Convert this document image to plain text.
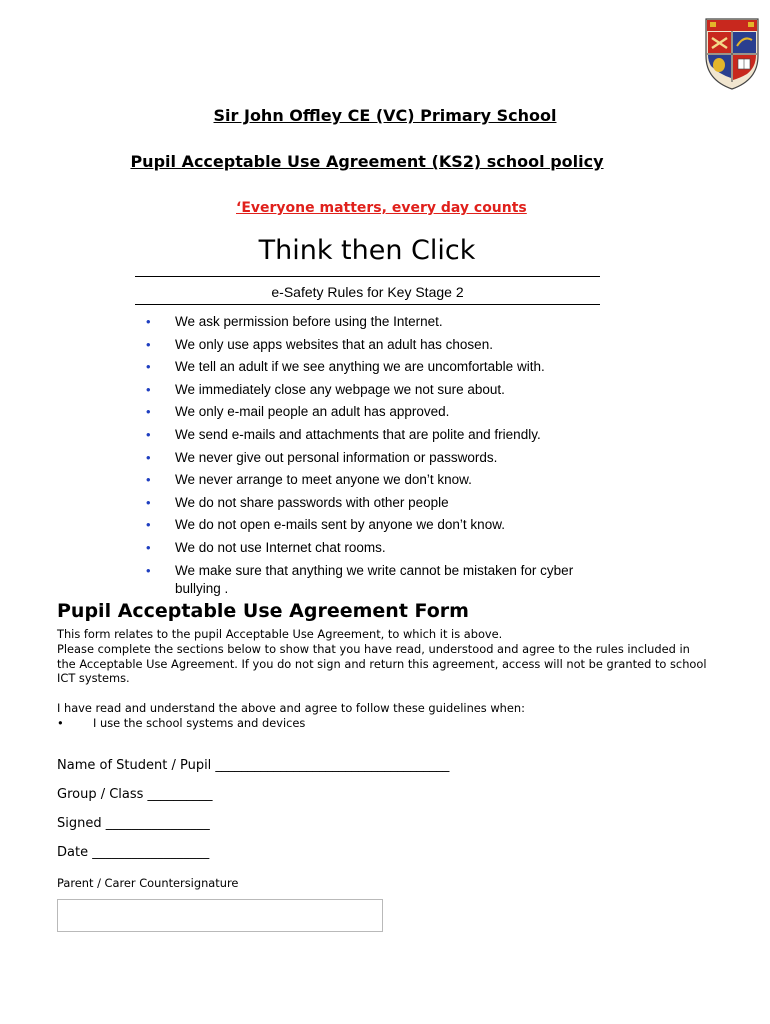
Sir John Offley CE (VC) Primary School
Pupil Acceptable Use Agreement (KS2) school policy
‘Everyone matters, every day counts
Think then Click
e-Safety Rules for Key Stage 2
• We ask permission before using the Internet.
• We only use apps websites that an adult has chosen.
• We tell an adult if we see anything we are uncomfortable with.
• We immediately close any webpage we not sure about.
• We only e-mail people an adult has approved.
• We send e-mails and attachments that are polite and friendly.
• We never give out personal information or passwords.
• We never arrange to meet anyone we don’t know.
• We do not share passwords with other people
• We do not open e-mails sent by anyone we don’t know.
• We do not use Internet chat rooms.
• We make sure that anything we write cannot be mistaken for cyber bullying .
Pupil Acceptable Use Agreement Form

This form relates to the pupil Acceptable Use Agreement, to which it is above.

Please complete the sections below to show that you have read, understood and agree to the rules included in the Acceptable Use Agreement. If you do not sign and return this agreement, access will not be granted to school ICT systems.

I have read and understand the above and agree to follow these guidelines when:

•	I use the school systems and devices

Name of Student / Pupil ____________________________________
Group / Class __________
Signed ________________
Date __________________
Parent / Carer Countersignature
